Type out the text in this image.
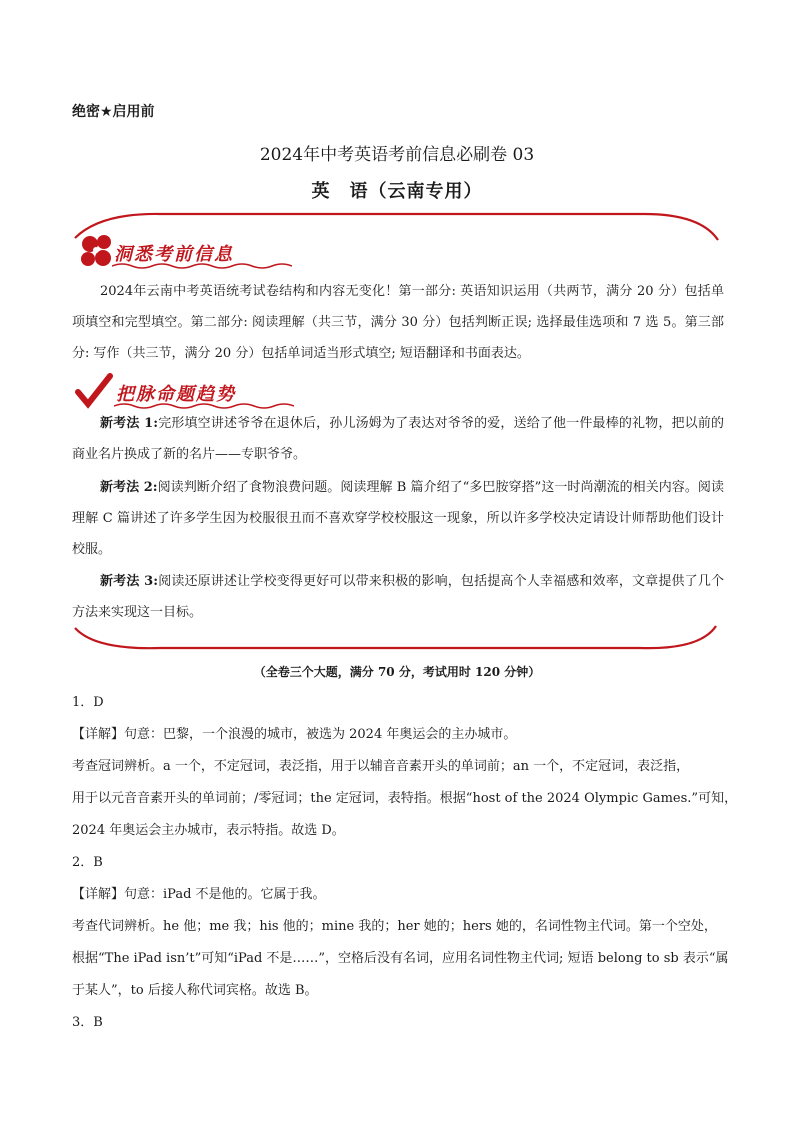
绝密★启用前
2024年中考英语考前信息必刷卷 03
英　语（云南专用）
洞悉考前信息
2024年云南中考英语统考试卷结构和内容无变化！第一部分: 英语知识运用（共两节，满分 20 分）包括单项填空和完型填空。第二部分: 阅读理解（共三节，满分 30 分）包括判断正误; 选择最佳选项和 7 选 5。第三部分: 写作（共三节，满分 20 分）包括单词适当形式填空; 短语翻译和书面表达。
把脉命题趋势
新考法 1:完形填空讲述爷爷在退休后，孙儿汤姆为了表达对爷爷的爱，送给了他一件最棒的礼物，把以前的商业名片换成了新的名片——专职爷爷。
新考法 2:阅读判断介绍了食物浪费问题。阅读理解 B 篇介绍了“多巴胺穿搭”这一时尚潮流的相关内容。阅读理解 C 篇讲述了许多学生因为校服很丑而不喜欢穿学校校服这一现象，所以许多学校决定请设计师帮助他们设计校服。
新考法 3:阅读还原讲述让学校变得更好可以带来积极的影响，包括提高个人幸福感和效率，文章提供了几个方法来实现这一目标。
（全卷三个大题，满分 70 分，考试用时 120 分钟）
1．D
【详解】句意：巴黎，一个浪漫的城市，被选为 2024 年奥运会的主办城市。
考查冠词辨析。a 一个，不定冠词，表泛指，用于以辅音音素开头的单词前；an 一个，不定冠词，表泛指，
用于以元音音素开头的单词前；/零冠词；the 定冠词，表特指。根据“host of the 2024 Olympic Games.”可知，
2024 年奥运会主办城市，表示特指。故选 D。
2．B
【详解】句意：iPad 不是他的。它属于我。
考查代词辨析。he 他；me 我；his 他的；mine 我的；her 她的；hers 她的，名词性物主代词。第一个空处，
根据“The iPad isn’t”可知“iPad 不是……”，空格后没有名词，应用名词性物主代词; 短语 belong to sb 表示“属
于某人”，to 后接人称代词宾格。故选 B。
3．B
